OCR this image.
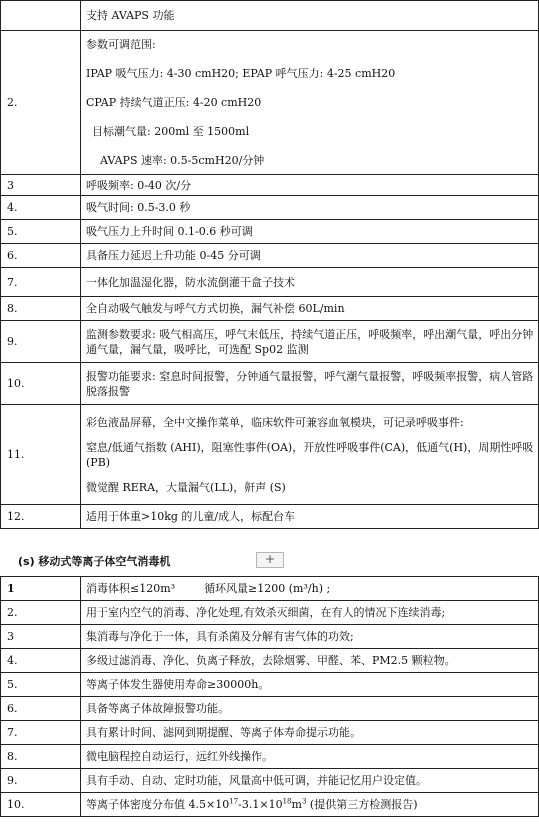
	支持 AVAPS 功能
2.	参数可调范围:

IPAP 吸气压力: 4-30 cmH20; EPAP 呼气压力: 4-25 cmH20

CPAP 持续气道正压: 4-20 cmH20

目标潮气量: 200ml 至 1500ml

AVAPS 速率: 0.5-5cmH20/分钟

3	呼吸频率: 0-40 次/分
4.	吸气时间: 0.5-3.0 秒
5.	吸气压力上升时间 0.1-0.6 秒可调
6.	具备压力延迟上升功能 0-45 分可调
7.	一体化加温湿化器，防水流倒灌干盒子技术
8.	全自动吸气触发与呼气方式切换，漏气补偿 60L/min
9.	监测参数要求: 吸气相高压，呼气末低压，持续气道正压，呼吸频率，呼出潮气量，呼出分钟通气量，漏气量，吸呼比，可选配 Sp02 监测
10.	报警功能要求: 窒息时间报警，分钟通气量报警，呼气潮气量报警，呼吸频率报警，病人管路脱落报警
11.	彩色液晶屏幕，全中文操作菜单，临床软件可兼容血氧模块，可记录呼吸事件:

窒息/低通气指数 (AHI)，阻塞性事件(OA)，开放性呼吸事件(CA)，低通气(H)，周期性呼吸 (PB)

微觉醒 RERA，大量漏气(LL)，鼾声 (S)

12.	适用于体重>10kg 的儿童/成人，标配台车
(s) 移动式等离子体空气消毒机	+
1	消毒体积≤120m³ 循环风量≥1200 (m³/h) ;
2.	用于室内空气的消毒、净化处理,有效杀灭细菌，在有人的情况下连续消毒;
3	集消毒与净化于一体，具有杀菌及分解有害气体的功效;
4.	多级过滤消毒、净化、负离子释放，去除烟雾、甲醛、苯、PM2.5 颗粒物。
5.	等离子体发生器使用寿命≥30000h。
6.	具备等离子体故障报警功能。
7.	具有累计时间、滤网到期提醒、等离子体寿命提示功能。
8.	微电脑程控自动运行，远红外线操作。
9.	具有手动、自动、定时功能，风量高中低可调，并能记忆用户设定值。
10.	等离子体密度分布值 $4.5\times 10^{17}-3.1\times 10^{18}m^3$ (提供第三方检测报告)
